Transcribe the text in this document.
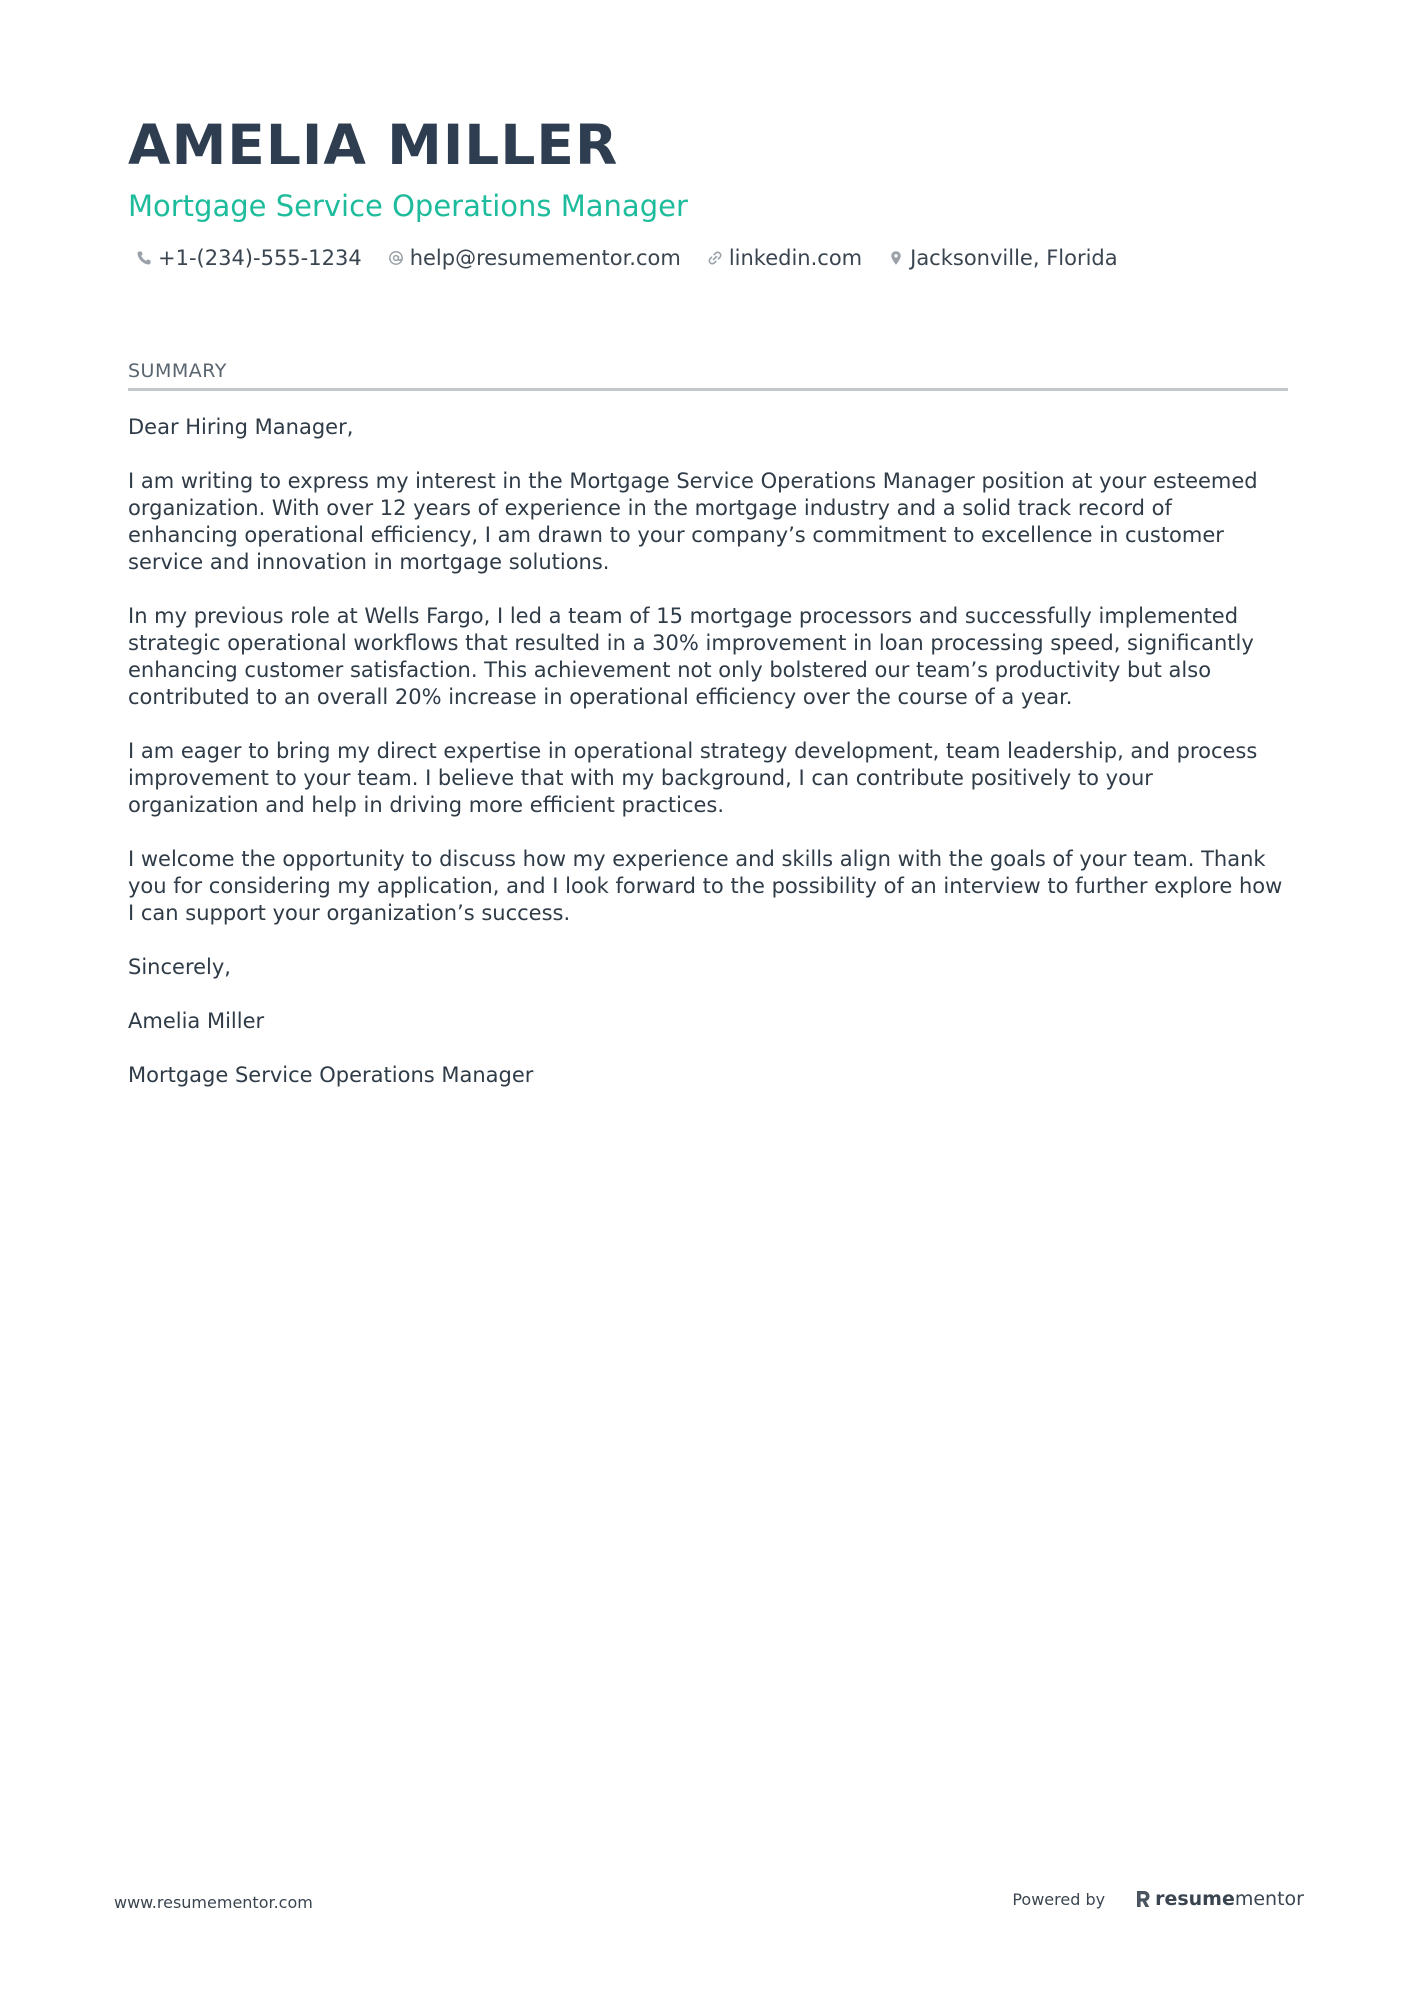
AMELIA MILLER
Mortgage Service Operations Manager
+1-(234)-555-1234 help@resumementor.com linkedin.com Jacksonville, Florida
SUMMARY

Dear Hiring Manager,

I am writing to express my interest in the Mortgage Service Operations Manager position at your esteemed organization. With over 12 years of experience in the mortgage industry and a solid track record of enhancing operational efficiency, I am drawn to your company’s commitment to excellence in customer service and innovation in mortgage solutions.

In my previous role at Wells Fargo, I led a team of 15 mortgage processors and successfully implemented strategic operational workflows that resulted in a 30% improvement in loan processing speed, significantly enhancing customer satisfaction. This achievement not only bolstered our team’s productivity but also contributed to an overall 20% increase in operational efficiency over the course of a year.

I am eager to bring my direct expertise in operational strategy development, team leadership, and process improvement to your team. I believe that with my background, I can contribute positively to your organization and help in driving more efficient practices.

I welcome the opportunity to discuss how my experience and skills align with the goals of your team. Thank you for considering my application, and I look forward to the possibility of an interview to further explore how I can support your organization’s success.

Sincerely,

Amelia Miller

Mortgage Service Operations Manager

www.resumementor.com	Powered by	resume mentor
